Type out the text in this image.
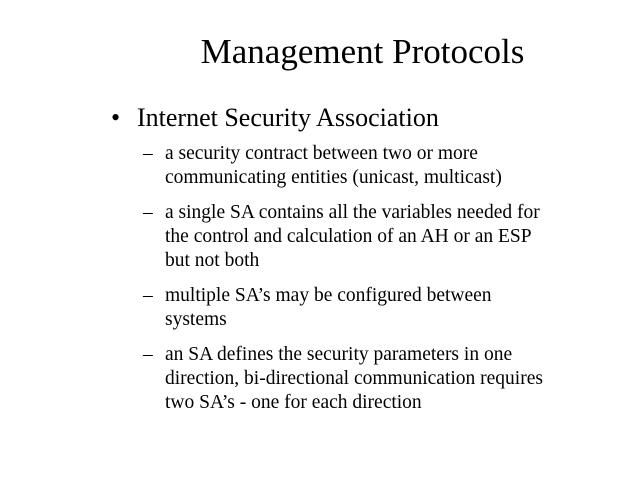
Management Protocols
• Internet Security Association
– a security contract between two or more
communicating entities (unicast, multicast)
– a single SA contains all the variables needed for
the control and calculation of an AH or an ESP
but not both
– multiple SA’s may be configured between
systems
– an SA defines the security parameters in one
direction, bi-directional communication requires
two SA’s - one for each direction
